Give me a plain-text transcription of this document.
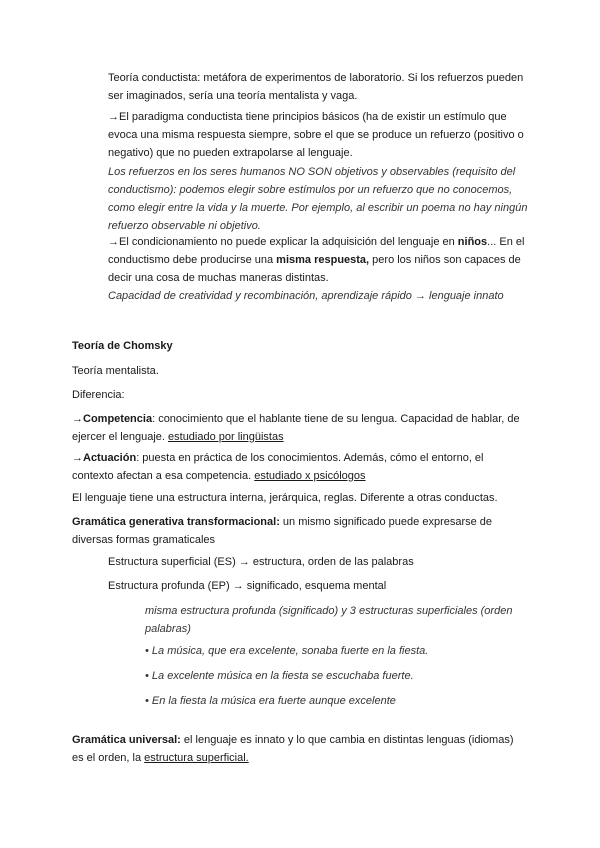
Teoría conductista: metáfora de experimentos de laboratorio. Si los refuerzos pueden ser imaginados, sería una teoría mentalista y vaga.

→El paradigma conductista tiene principios básicos (ha de existir un estímulo que evoca una misma respuesta siempre, sobre el que se produce un refuerzo (positivo o negativo) que no pueden extrapolarse al lenguaje.

Los refuerzos en los seres humanos NO SON objetivos y observables (requisito del conductismo): podemos elegir sobre estímulos por un refuerzo que no conocemos, como elegir entre la vida y la muerte. Por ejemplo, al escribir un poema no hay ningún refuerzo observable ni objetivo.

→El condicionamiento no puede explicar la adquisición del lenguaje en niños... En el conductismo debe producirse una misma respuesta, pero los niños son capaces de decir una cosa de muchas maneras distintas.

Capacidad de creatividad y recombinación, aprendizaje rápido → lenguaje innato

Teoría de Chomsky

Teoría mentalista.

Diferencia:

→Competencia: conocimiento que el hablante tiene de su lengua. Capacidad de hablar, de ejercer el lenguaje. estudiado por lingüistas

→Actuación: puesta en práctica de los conocimientos. Además, cómo el entorno, el contexto afectan a esa competencia. estudiado x psicólogos

El lenguaje tiene una estructura interna, jerárquica, reglas. Diferente a otras conductas.

Gramática generativa transformacional: un mismo significado puede expresarse de diversas formas gramaticales

Estructura superficial (ES) → estructura, orden de las palabras

Estructura profunda (EP) → significado, esquema mental

misma estructura profunda (significado) y 3 estructuras superficiales (orden palabras)

• La música, que era excelente, sonaba fuerte en la fiesta.

• La excelente música en la fiesta se escuchaba fuerte.

• En la fiesta la música era fuerte aunque excelente

Gramática universal: el lenguaje es innato y lo que cambia en distintas lenguas (idiomas) es el orden, la estructura superficial.
